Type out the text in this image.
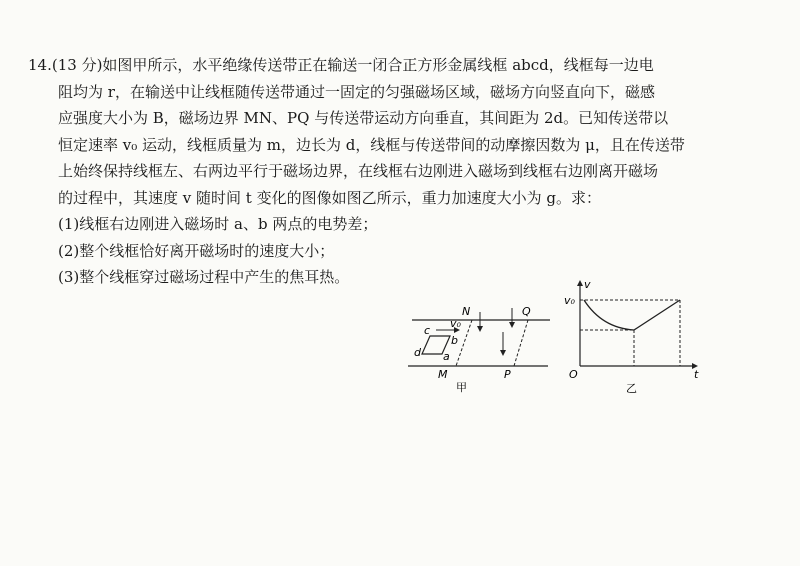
14.(13 分)如图甲所示，水平绝缘传送带正在输送一闭合正方形金属线框 abcd，线框每一边电
阻均为 r，在输送中让线框随传送带通过一固定的匀强磁场区域，磁场方向竖直向下，磁感
应强度大小为 B，磁场边界 MN、PQ 与传送带运动方向垂直，其间距为 2d。已知传送带以
恒定速率 v₀ 运动，线框质量为 m，边长为 d，线框与传送带间的动摩擦因数为 μ，且在传送带
上始终保持线框左、右两边平行于磁场边界，在线框右边刚进入磁场到线框右边刚离开磁场
的过程中，其速度 v 随时间 t 变化的图像如图乙所示，重力加速度大小为 g。求：
(1)线框右边刚进入磁场时 a、b 两点的电势差；
(2)整个线框恰好离开磁场时的速度大小；
(3)整个线框穿过磁场过程中产生的焦耳热。
N	Q
M	P
c
b
a
d
v₀
甲
v
v₀
O	t
乙
